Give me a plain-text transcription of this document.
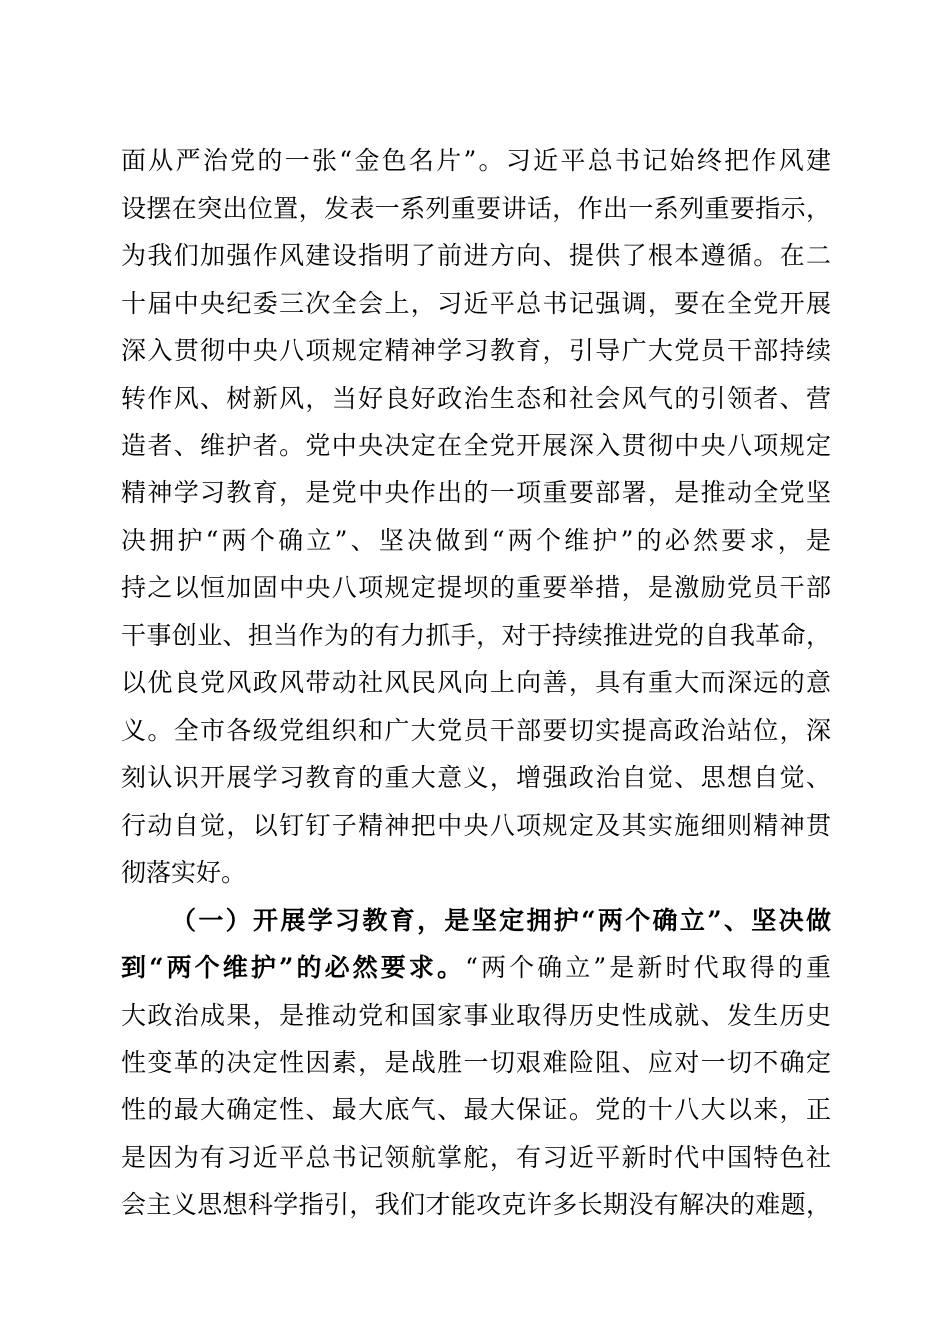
面从严治党的一张“金色名片”。习近平总书记始终把作风建
设摆在突出位置，发表一系列重要讲话，作出一系列重要指示，
为我们加强作风建设指明了前进方向、提供了根本遵循。在二
十届中央纪委三次全会上，习近平总书记强调，要在全党开展
深入贯彻中央八项规定精神学习教育，引导广大党员干部持续
转作风、树新风，当好良好政治生态和社会风气的引领者、营
造者、维护者。党中央决定在全党开展深入贯彻中央八项规定
精神学习教育，是党中央作出的一项重要部署，是推动全党坚
决拥护“两个确立”、坚决做到“两个维护”的必然要求，是
持之以恒加固中央八项规定提坝的重要举措，是激励党员干部
干事创业、担当作为的有力抓手，对于持续推进党的自我革命，
以优良党风政风带动社风民风向上向善，具有重大而深远的意
义。全市各级党组织和广大党员干部要切实提高政治站位，深
刻认识开展学习教育的重大意义，增强政治自觉、思想自觉、
行动自觉，以钉钉子精神把中央八项规定及其实施细则精神贯
彻落实好。
（一）开展学习教育，是坚定拥护“两个确立”、坚决做
到“两个维护”的必然要求。“两个确立”是新时代取得的重
大政治成果，是推动党和国家事业取得历史性成就、发生历史
性变革的决定性因素，是战胜一切艰难险阻、应对一切不确定
性的最大确定性、最大底气、最大保证。党的十八大以来，正
是因为有习近平总书记领航掌舵，有习近平新时代中国特色社
会主义思想科学指引，我们才能攻克许多长期没有解决的难题，
